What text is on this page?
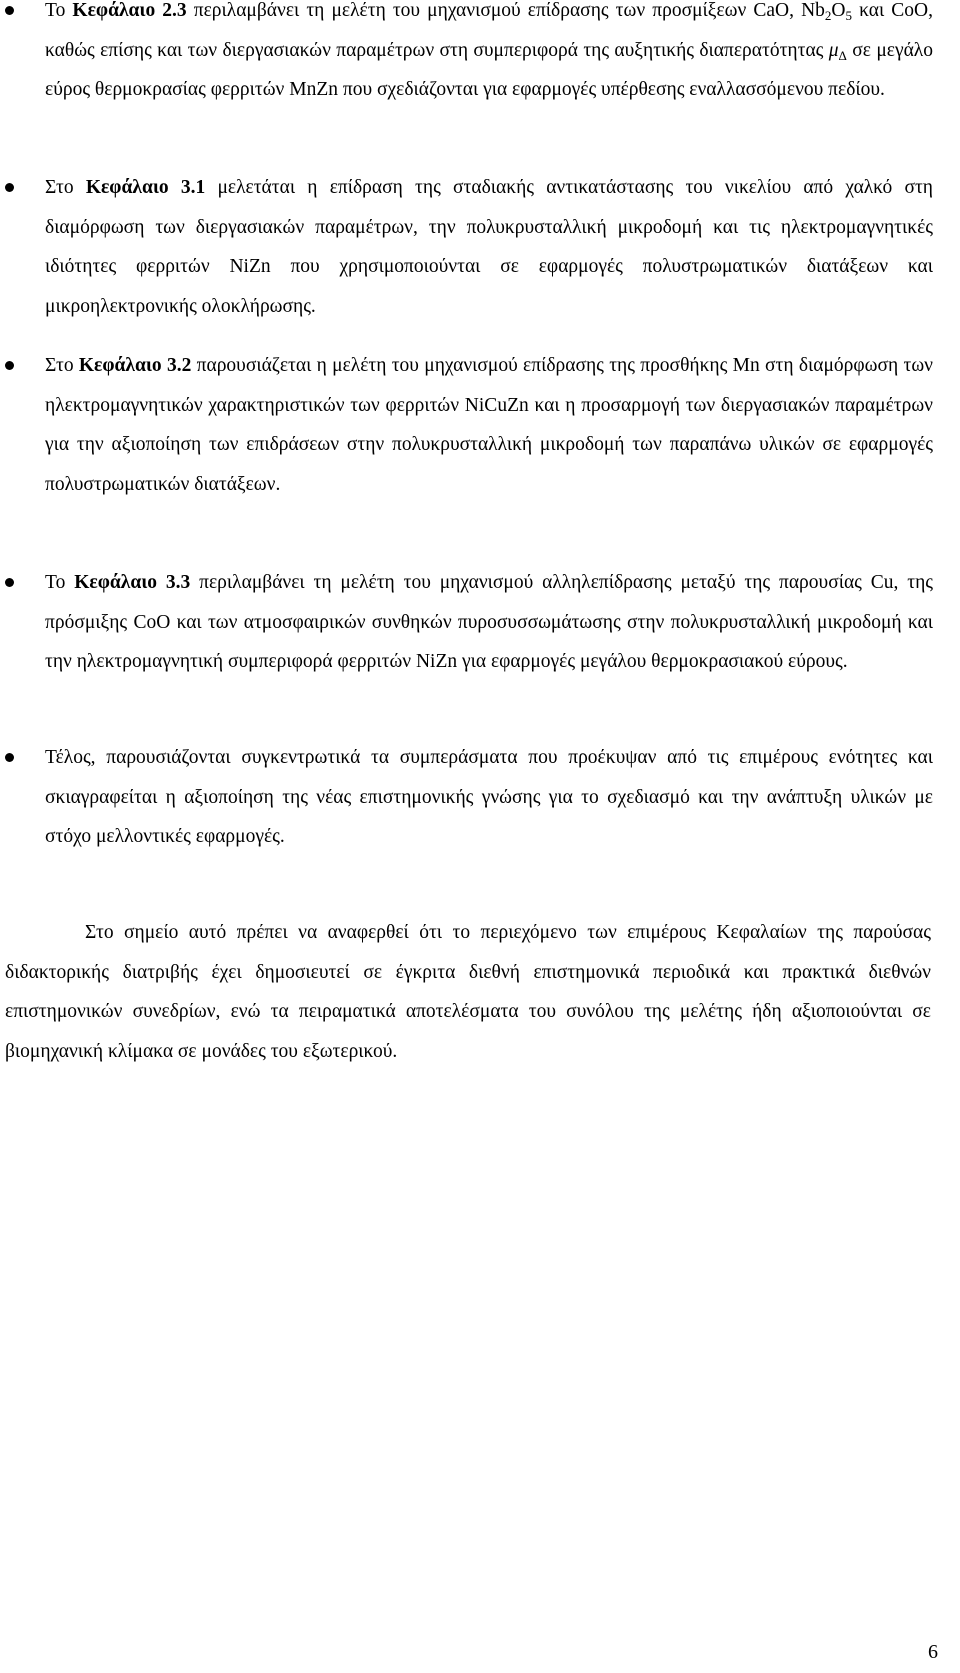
Το Κεφάλαιο 2.3 περιλαμβάνει τη μελέτη του μηχανισμού επίδρασης των προσμίξεων CaO, $Nb_2O_5$ και CoO, καθώς επίσης και των διεργασιακών παραμέτρων στη συμπεριφορά της αυξητικής διαπερατότητας $\mu_\Delta$ σε μεγάλο εύρος θερμοκρασίας φερριτών MnZn που σχεδιάζονται για εφαρμογές υπέρθεσης εναλλασσόμενου πεδίου.
Στο Κεφάλαιο 3.1 μελετάται η επίδραση της σταδιακής αντικατάστασης του νικελίου από χαλκό στη διαμόρφωση των διεργασιακών παραμέτρων, την πολυκρυσταλλική μικροδομή και τις ηλεκτρομαγνητικές ιδιότητες φερριτών NiZn που χρησιμοποιούνται σε εφαρμογές πολυστρωματικών διατάξεων και μικροηλεκτρονικής ολοκλήρωσης.
Στο Κεφάλαιο 3.2 παρουσιάζεται η μελέτη του μηχανισμού επίδρασης της προσθήκης Mn στη διαμόρφωση των ηλεκτρομαγνητικών χαρακτηριστικών των φερριτών NiCuZn και η προσαρμογή των διεργασιακών παραμέτρων για την αξιοποίηση των επιδράσεων στην πολυκρυσταλλική μικροδομή των παραπάνω υλικών σε εφαρμογές πολυστρωματικών διατάξεων.
Το Κεφάλαιο 3.3 περιλαμβάνει τη μελέτη του μηχανισμού αλληλεπίδρασης μεταξύ της παρουσίας Cu, της πρόσμιξης CoO και των ατμοσφαιρικών συνθηκών πυροσυσσωμάτωσης στην πολυκρυσταλλική μικροδομή και την ηλεκτρομαγνητική συμπεριφορά φερριτών NiZn για εφαρμογές μεγάλου θερμοκρασιακού εύρους.
Τέλος, παρουσιάζονται συγκεντρωτικά τα συμπεράσματα που προέκυψαν από τις επιμέρους ενότητες και σκιαγραφείται η αξιοποίηση της νέας επιστημονικής γνώσης για το σχεδιασμό και την ανάπτυξη υλικών με στόχο μελλοντικές εφαρμογές.

Στο σημείο αυτό πρέπει να αναφερθεί ότι το περιεχόμενο των επιμέρους Κεφαλαίων της παρούσας διδακτορικής διατριβής έχει δημοσιευτεί σε έγκριτα διεθνή επιστημονικά περιοδικά και πρακτικά διεθνών επιστημονικών συνεδρίων, ενώ τα πειραματικά αποτελέσματα του συνόλου της μελέτης ήδη αξιοποιούνται σε βιομηχανική κλίμακα σε μονάδες του εξωτερικού.

6
